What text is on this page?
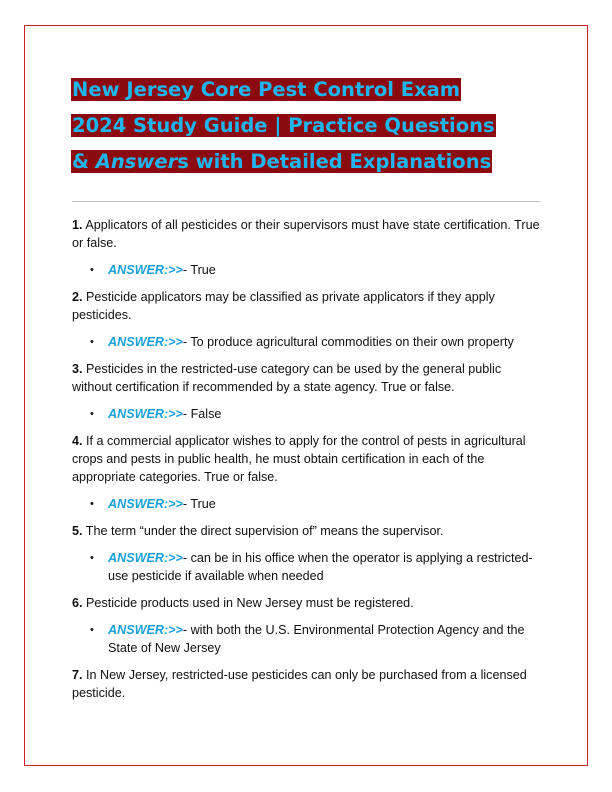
New Jersey Core Pest Control Exam
2024 Study Guide | Practice Questions
& Answers with Detailed Explanations

1. Applicators of all pesticides or their supervisors must have state certification. True or false.

• ANSWER:>>- True

2. Pesticide applicators may be classified as private applicators if they apply pesticides.

• ANSWER:>>- To produce agricultural commodities on their own property

3. Pesticides in the restricted-use category can be used by the general public without certification if recommended by a state agency. True or false.

• ANSWER:>>- False

4. If a commercial applicator wishes to apply for the control of pests in agricultural crops and pests in public health, he must obtain certification in each of the appropriate categories. True or false.

• ANSWER:>>- True

5. The term “under the direct supervision of” means the supervisor.

• ANSWER:>>- can be in his office when the operator is applying a restricted-use pesticide if available when needed

6. Pesticide products used in New Jersey must be registered.

• ANSWER:>>- with both the U.S. Environmental Protection Agency and the State of New Jersey

7. In New Jersey, restricted-use pesticides can only be purchased from a licensed pesticide.
